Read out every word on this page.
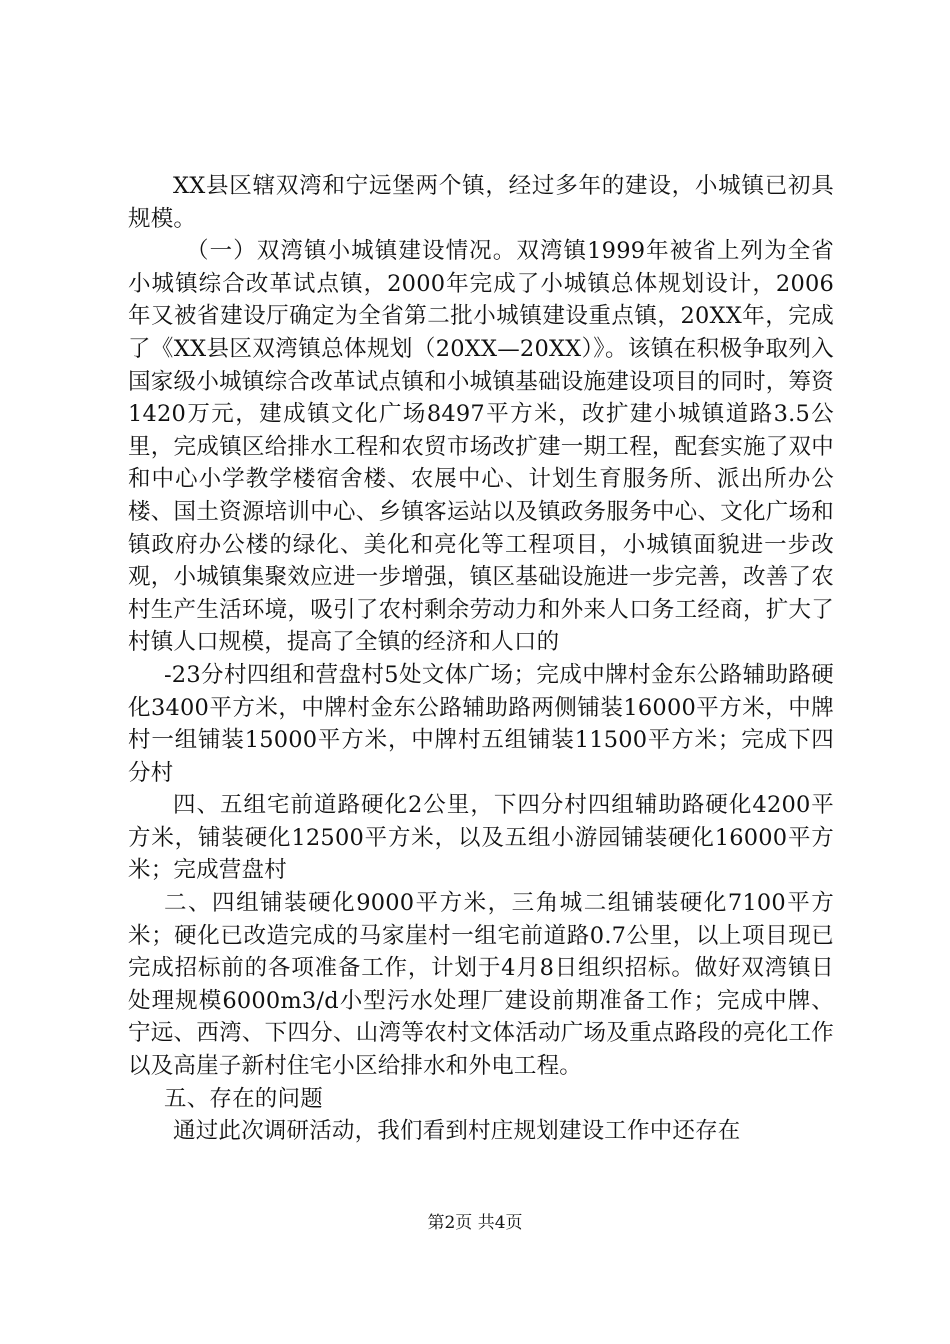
XX县区辖双湾和宁远堡两个镇，经过多年的建设，小城镇已初具规模。

（一）双湾镇小城镇建设情况。双湾镇1999年被省上列为全省小城镇综合改革试点镇，2000年完成了小城镇总体规划设计，2006年又被省建设厅确定为全省第二批小城镇建设重点镇，20XX年，完成了《XX县区双湾镇总体规划（20XX—20XX）》。该镇在积极争取列入国家级小城镇综合改革试点镇和小城镇基础设施建设项目的同时，筹资1420万元，建成镇文化广场8497平方米，改扩建小城镇道路3.5公里，完成镇区给排水工程和农贸市场改扩建一期工程，配套实施了双中和中心小学教学楼宿舍楼、农展中心、计划生育服务所、派出所办公楼、国土资源培训中心、乡镇客运站以及镇政务服务中心、文化广场和镇政府办公楼的绿化、美化和亮化等工程项目，小城镇面貌进一步改观，小城镇集聚效应进一步增强，镇区基础设施进一步完善，改善了农村生产生活环境，吸引了农村剩余劳动力和外来人口务工经商，扩大了村镇人口规模，提高了全镇的经济和人口的

-23分村四组和营盘村5处文体广场；完成中牌村金东公路辅助路硬化3400平方米，中牌村金东公路辅助路两侧铺装16000平方米，中牌村一组铺装15000平方米，中牌村五组铺装11500平方米；完成下四分村

四、五组宅前道路硬化2公里，下四分村四组辅助路硬化4200平方米，铺装硬化12500平方米，以及五组小游园铺装硬化16000平方米；完成营盘村

二、四组铺装硬化9000平方米，三角城二组铺装硬化7100平方米；硬化已改造完成的马家崖村一组宅前道路0.7公里，以上项目现已完成招标前的各项准备工作，计划于4月8日组织招标。做好双湾镇日处理规模6000m3/d小型污水处理厂建设前期准备工作；完成中牌、宁远、西湾、下四分、山湾等农村文体活动广场及重点路段的亮化工作以及高崖子新村住宅小区给排水和外电工程。

五、存在的问题

通过此次调研活动，我们看到村庄规划建设工作中还存在

第2页 共4页
